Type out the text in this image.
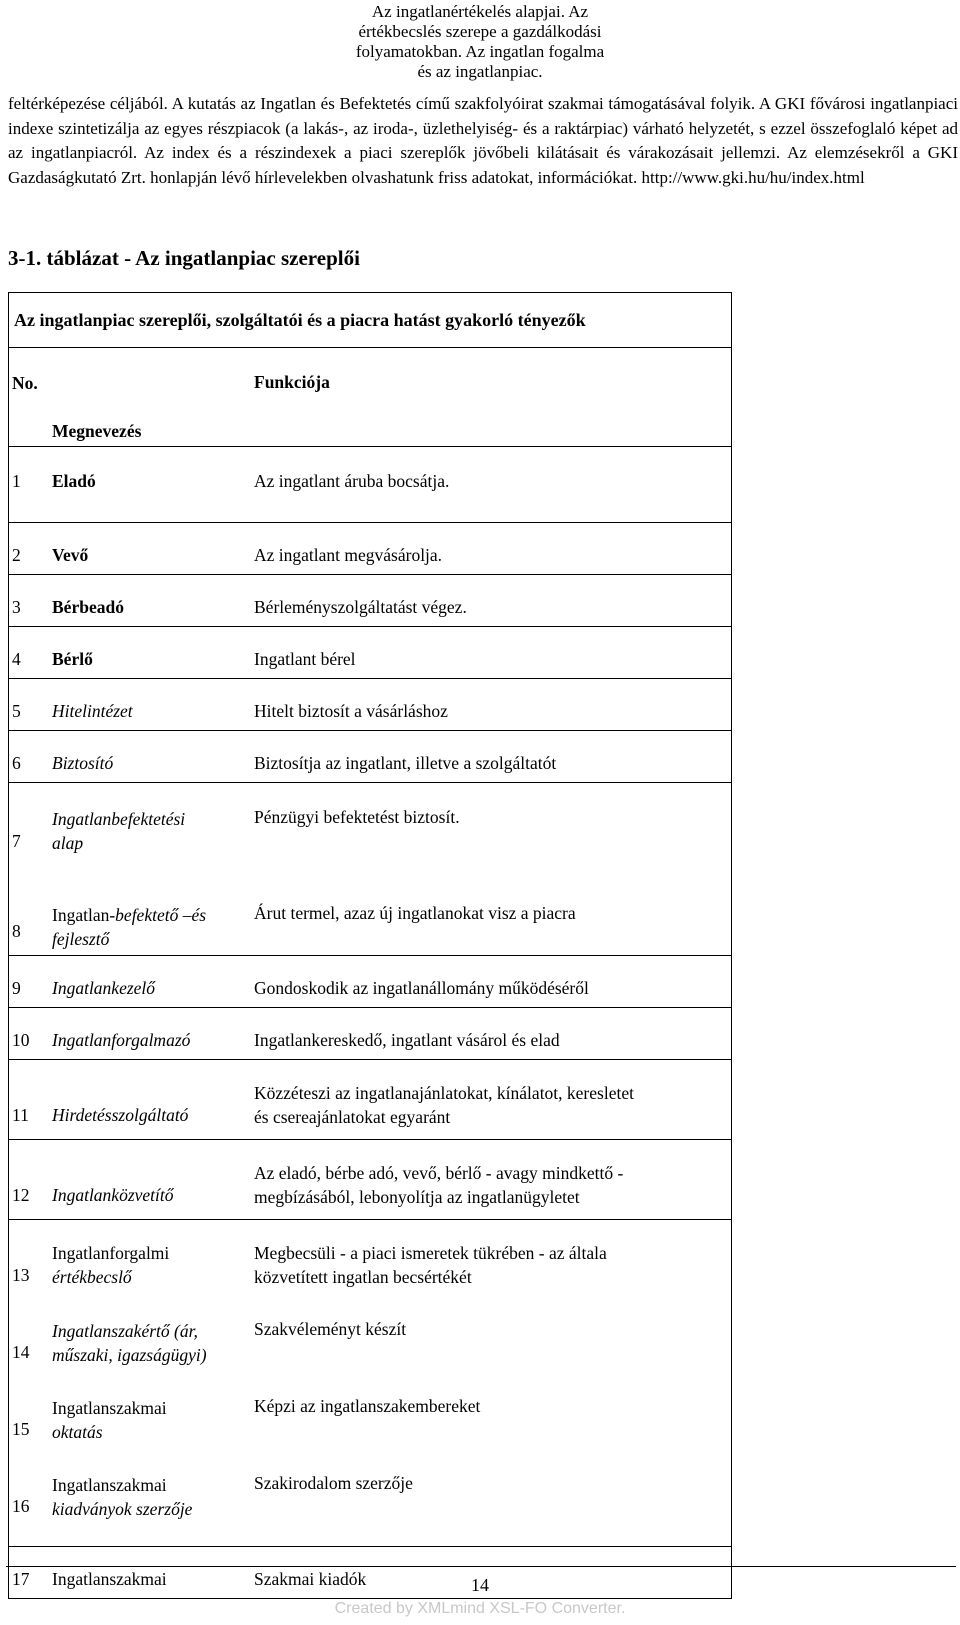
Az ingatlanértékelés alapjai. Az
értékbecslés szerepe a gazdálkodási
folyamatokban. Az ingatlan fogalma
és az ingatlanpiac.
feltérképezése céljából. A kutatás az Ingatlan és Befektetés című szakfolyóirat szakmai támogatásával folyik. A GKI fővárosi ingatlanpiaci indexe szintetizálja az egyes részpiacok (a lakás-, az iroda-, üzlethelyiség- és a raktárpiac) várható helyzetét, s ezzel összefoglaló képet ad az ingatlanpiacról. Az index és a részindexek a piaci szereplők jövőbeli kilátásait és várakozásait jellemzi. Az elemzésekről a GKI Gazdaságkutató Zrt. honlapján lévő hírlevelekben olvashatunk friss adatokat, információkat. http://www.gki.hu/hu/index.html
3-1. táblázat - Az ingatlanpiac szereplői
Az ingatlanpiac szereplői, szolgáltatói és a piacra hatást gyakorló tényezők		

No.	Megnevezés	Funkciója
1	Eladó	Az ingatlant áruba bocsátja.
2	Vevő	Az ingatlant megvásárolja.
3	Bérbeadó	Bérleményszolgáltatást végez.
4	Bérlő	Ingatlant bérel
5	Hitelintézet	Hitelt biztosít a vásárláshoz
6	Biztosító	Biztosítja az ingatlant, illetve a szolgáltatót
7	Ingatlanbefektetési
alap	Pénzügyi befektetést biztosít.
8	Ingatlan-befektető –és
fejlesztő	Árut termel, azaz új ingatlanokat visz a piacra
9	Ingatlankezelő	Gondoskodik az ingatlanállomány működéséről
10	Ingatlanforgalmazó	Ingatlankereskedő, ingatlant vásárol és elad
11	Hirdetésszolgáltató	Közzéteszi az ingatlanajánlatokat, kínálatot, keresletet
és csereajánlatokat egyaránt

12	Ingatlanközvetítő	Az eladó, bérbe adó, vevő, bérlő - avagy mindkettő -
megbízásából, lebonyolítja az ingatlanügyletet

13	Ingatlanforgalmi
értékbecslő	Megbecsüli - a piaci ismeretek tükrében - az általa
közvetített ingatlan becsértékét

14	Ingatlanszakértő (ár,
műszaki, igazságügyi)	Szakvéleményt készít
15	Ingatlanszakmai
oktatás	Képzi az ingatlanszakembereket
16	Ingatlanszakmai
kiadványok szerzője	Szakirodalom szerzője
17	Ingatlanszakmai	Szakmai kiadók	14
Created by XMLmind XSL-FO Converter.
